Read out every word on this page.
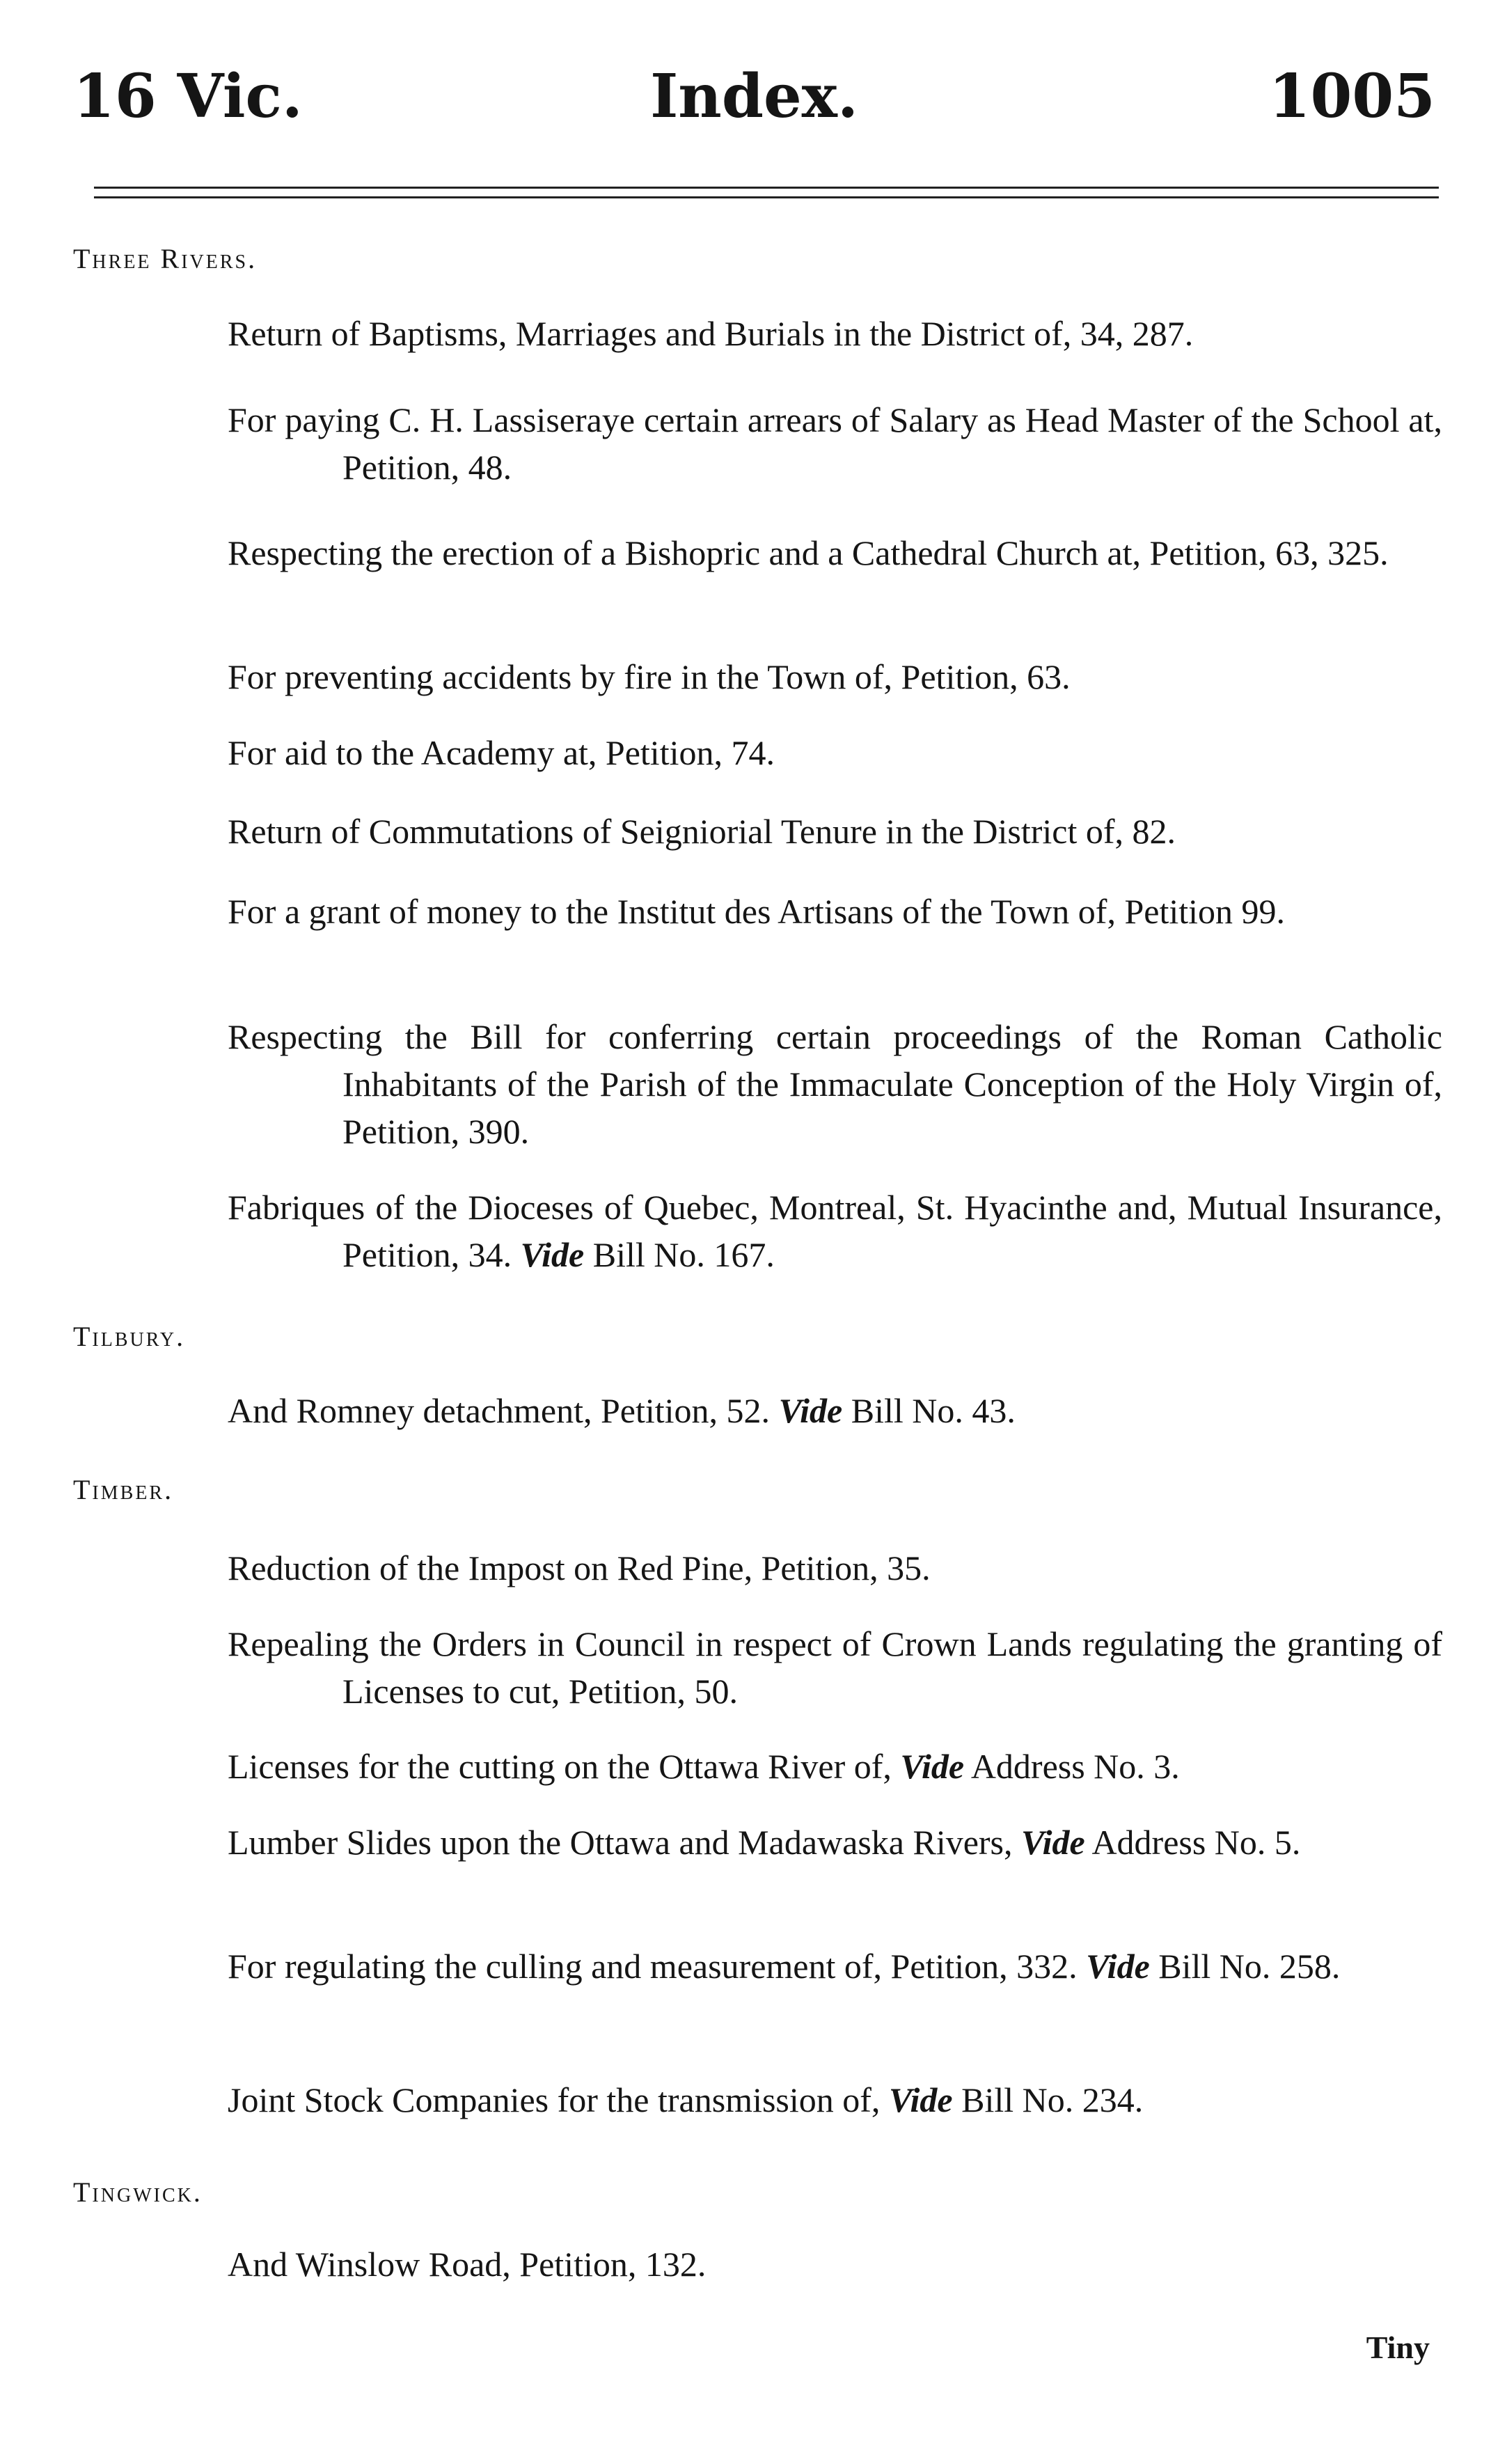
16 Vic.	Index.	1005
Three Rivers.
Return of Baptisms, Marriages and Burials in the District of, 34, 287.
For paying C. H. Lassiseraye certain arrears of Salary as Head Master of the School at, Petition, 48.
Respecting the erection of a Bishopric and a Cathedral Church at, Petition, 63, 325.
For preventing accidents by fire in the Town of, Petition, 63.
For aid to the Academy at, Petition, 74.
Return of Commutations of Seigniorial Tenure in the District of, 82.
For a grant of money to the Institut des Artisans of the Town of, Petition 99.
Respecting the Bill for conferring certain proceedings of the Roman Catholic Inhabitants of the Parish of the Immaculate Conception of the Holy Virgin of, Petition, 390.
Fabriques of the Dioceses of Quebec, Montreal, St. Hyacinthe and, Mutual Insurance, Petition, 34. Vide Bill No. 167.
Tilbury.
And Romney detachment, Petition, 52. Vide Bill No. 43.
Timber.
Reduction of the Impost on Red Pine, Petition, 35.
Repealing the Orders in Council in respect of Crown Lands regulating the granting of Licenses to cut, Petition, 50.
Licenses for the cutting on the Ottawa River of, Vide Address No. 3.
Lumber Slides upon the Ottawa and Madawaska Rivers, Vide Address No. 5.
For regulating the culling and measurement of, Petition, 332. Vide Bill No. 258.
Joint Stock Companies for the transmission of, Vide Bill No. 234.
Tingwick.
And Winslow Road, Petition, 132.
Tiny
